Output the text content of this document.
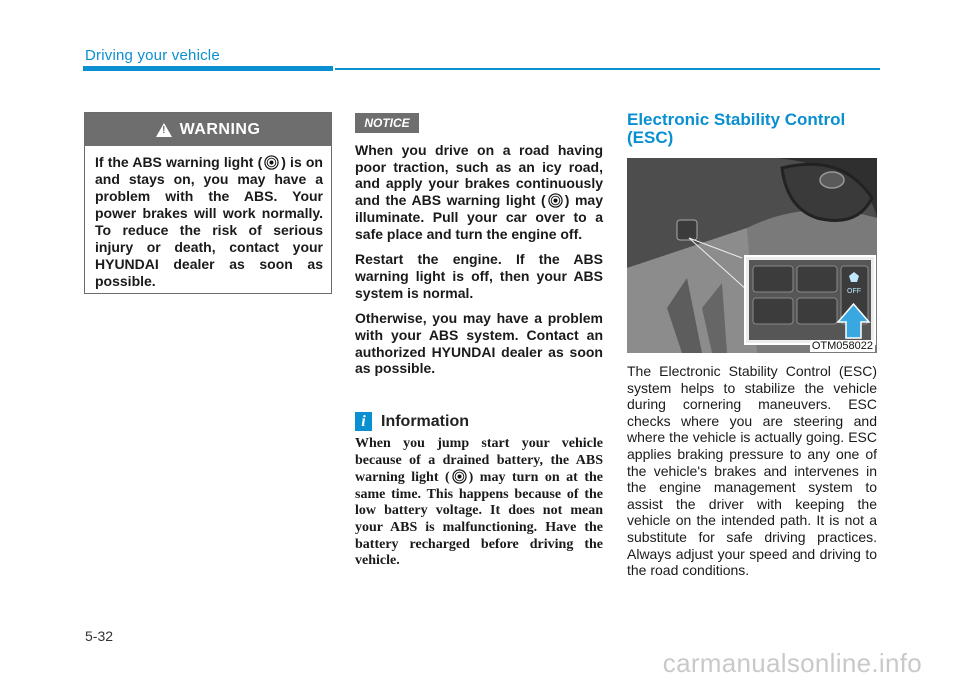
Driving your vehicle
! WARNING
If the ABS warning light ( ) is on and stays on, you may have a problem with the ABS. Your power brakes will work normally. To reduce the risk of serious injury or death, contact your HYUNDAI dealer as soon as possible.
NOTICE

When you drive on a road having poor traction, such as an icy road, and apply your brakes continuously and the ABS warning light ( ) may illuminate. Pull your car over to a safe place and turn the engine off.

Restart the engine. If the ABS warning light is off, then your ABS system is normal.

Otherwise, you may have a problem with your ABS system. Contact an authorized HYUNDAI dealer as soon as possible.

i Information
When you jump start your vehicle because of a drained battery, the ABS warning light ( ) may turn on at the same time. This happens because of the low battery voltage. It does not mean your ABS is malfunctioning. Have the battery recharged before driving the vehicle.
Electronic Stability Control (ESC)
OFF
OTM058022
The Electronic Stability Control (ESC) system helps to stabilize the vehicle during cornering maneuvers. ESC checks where you are steering and where the vehicle is actually going. ESC applies braking pressure to any one of the vehicle's brakes and intervenes in the engine management system to assist the driver with keeping the vehicle on the intended path. It is not a substitute for safe driving practices. Always adjust your speed and driving to the road conditions.
5-32
carmanualsonline.info
